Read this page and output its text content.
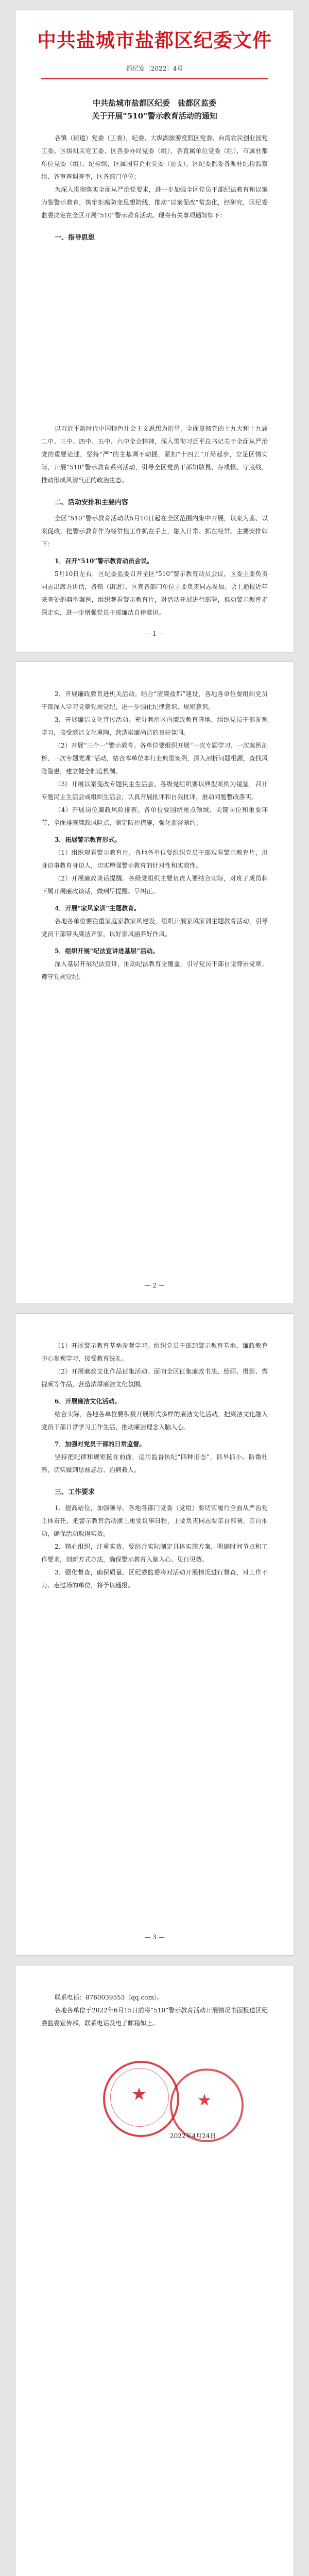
中共盐城市盐都区纪委文件
都纪发〔2022〕4号
中共盐城市盐都区纪委　盐都区监委
关于开展“510”警示教育活动的通知

各镇（街道）党委（工委），纪委、大纵湖旅游度假区党委、台湾农民创业园党工委、区级机关党工委，区各委办局党委（组），各直属单位党委（组），市属驻都单位党委（组）、纪检组，区属国有企业党委（总支），区纪委监委各派驻纪检监察组、各审查调查室，区各部门单位：

为深入贯彻落实全面从严治党要求，进一步加强全区党员干部纪法教育和以案为鉴警示教育，筑牢拒腐防变思想防线，推动“以案促改”常态化，经研究，区纪委监委决定在全区开展“510”警示教育活动。现将有关事项通知如下：

一、指导思想

以习近平新时代中国特色社会主义思想为指导，全面贯彻党的十九大和十九届二中、三中、四中、五中、六中全会精神，深入贯彻习近平总书记关于全面从严治党的重要论述，坚持“严”的主基调不动摇，紧扣“十四五”开局起步，立足区情实际，开展“510”警示教育系列活动，引导全区党员干部知敬畏、存戒惧、守底线，推动形成风清气正的政治生态。

二、活动安排和主要内容

全区“510”警示教育活动从5月10日起在全区范围内集中开展，以案为鉴、以案促改，把警示教育作为经常性工作抓在手上，融入日常、抓在经常。主要安排如下：

1．召开“510”警示教育动员会议。

5月10日左右，区纪委监委召开全区“510”警示教育动员会议，区委主要负责同志出席并讲话，各镇（街道）、区直各部门单位主要负责同志参加。会上通报近年来查处的典型案例，组织观看警示教育片，对活动开展进行部署，推动警示教育走深走实，进一步增强党员干部廉洁自律意识。

— 1 —

2．开展廉政教育进机关活动。结合“清廉盐都”建设，各地各单位要组织党员干部深入学习党章党规党纪，进一步强化纪律意识、规矩意识。

3．开展廉洁文化宣传活动。充分利用区内廉政教育阵地，组织党员干部参观学习，接受廉洁文化熏陶，营造崇廉尚洁的良好氛围。

（2）开展“三个一”警示教育。各单位要组织开展“一次专题学习、一次案例剖析、一次专题党课”活动，结合本单位本行业典型案例，深入剖析问题根源，查找风险隐患，建立健全制度机制。

（3）开展以案促改专题民主生活会。各级党组织要以典型案例为镜鉴，召开专题民主生活会或组织生活会，认真开展批评和自我批评，推动问题整改落实。

（4）开展岗位廉政风险排查。各单位要围绕重点领域、关键岗位和重要环节，全面排查廉政风险点，制定防控措施，强化监督制约。

3．拓展警示教育形式。

（1）组织观看警示教育片。各地各单位要组织党员干部观看警示教育片，用身边事教育身边人，切实增强警示教育的针对性和实效性。

（2）开展廉政谈话提醒。各级党组织主要负责人要结合实际，对班子成员和下属开展廉政谈话，做到早提醒、早纠正。

4．开展“家风家训”主题教育。

各地各单位要注重家庭家教家风建设，组织开展家风家训主题教育活动，引导党员干部带头廉洁齐家，以好家风涵养好作风。

5．组织开展“纪法宣讲进基层”活动。

深入基层开展纪法宣讲，推动纪法教育全覆盖，引导党员干部自觉尊崇党章、遵守党规党纪。

— 2 —

（1）开展警示教育基地参观学习。组织党员干部到警示教育基地、廉政教育中心参观学习，接受教育洗礼。

（2）开展廉政文化作品征集活动。面向全区征集廉政书法、绘画、摄影、微视频等作品，营造浓厚廉洁文化氛围。

6．开展廉洁文化活动。

结合实际，各地各单位要积极开展形式多样的廉洁文化活动，把廉洁文化融入党员干部日常学习工作生活，推动廉洁理念入脑入心。

7．加强对党员干部的日常监督。

坚持把纪律和规矩挺在前面，运用监督执纪“四种形态”，抓早抓小、防微杜渐，切实做到惩前毖后、治病救人。

三、工作要求

1．提高站位，加强领导。各地各部门党委（党组）要切实履行全面从严治党主体责任，把警示教育活动摆上重要议事日程，主要负责同志要亲自部署、亲自推动，确保活动取得实效。

2．精心组织，注重实效。要结合实际制定具体实施方案，明确时间节点和工作要求，创新方式方法，确保警示教育入脑入心、见行见效。

3．强化督查，确保质量。区纪委监委将对活动开展情况进行督查，对工作不力、走过场的单位，将予以通报。

— 3 —

联系电话：8760039553（qq.com）。

各地各单位于2022年6月15日前将“510”警示教育活动开展情况书面报送区纪委监委宣传部，联系电话及电子邮箱如上。

★	★
2022年4月24日
